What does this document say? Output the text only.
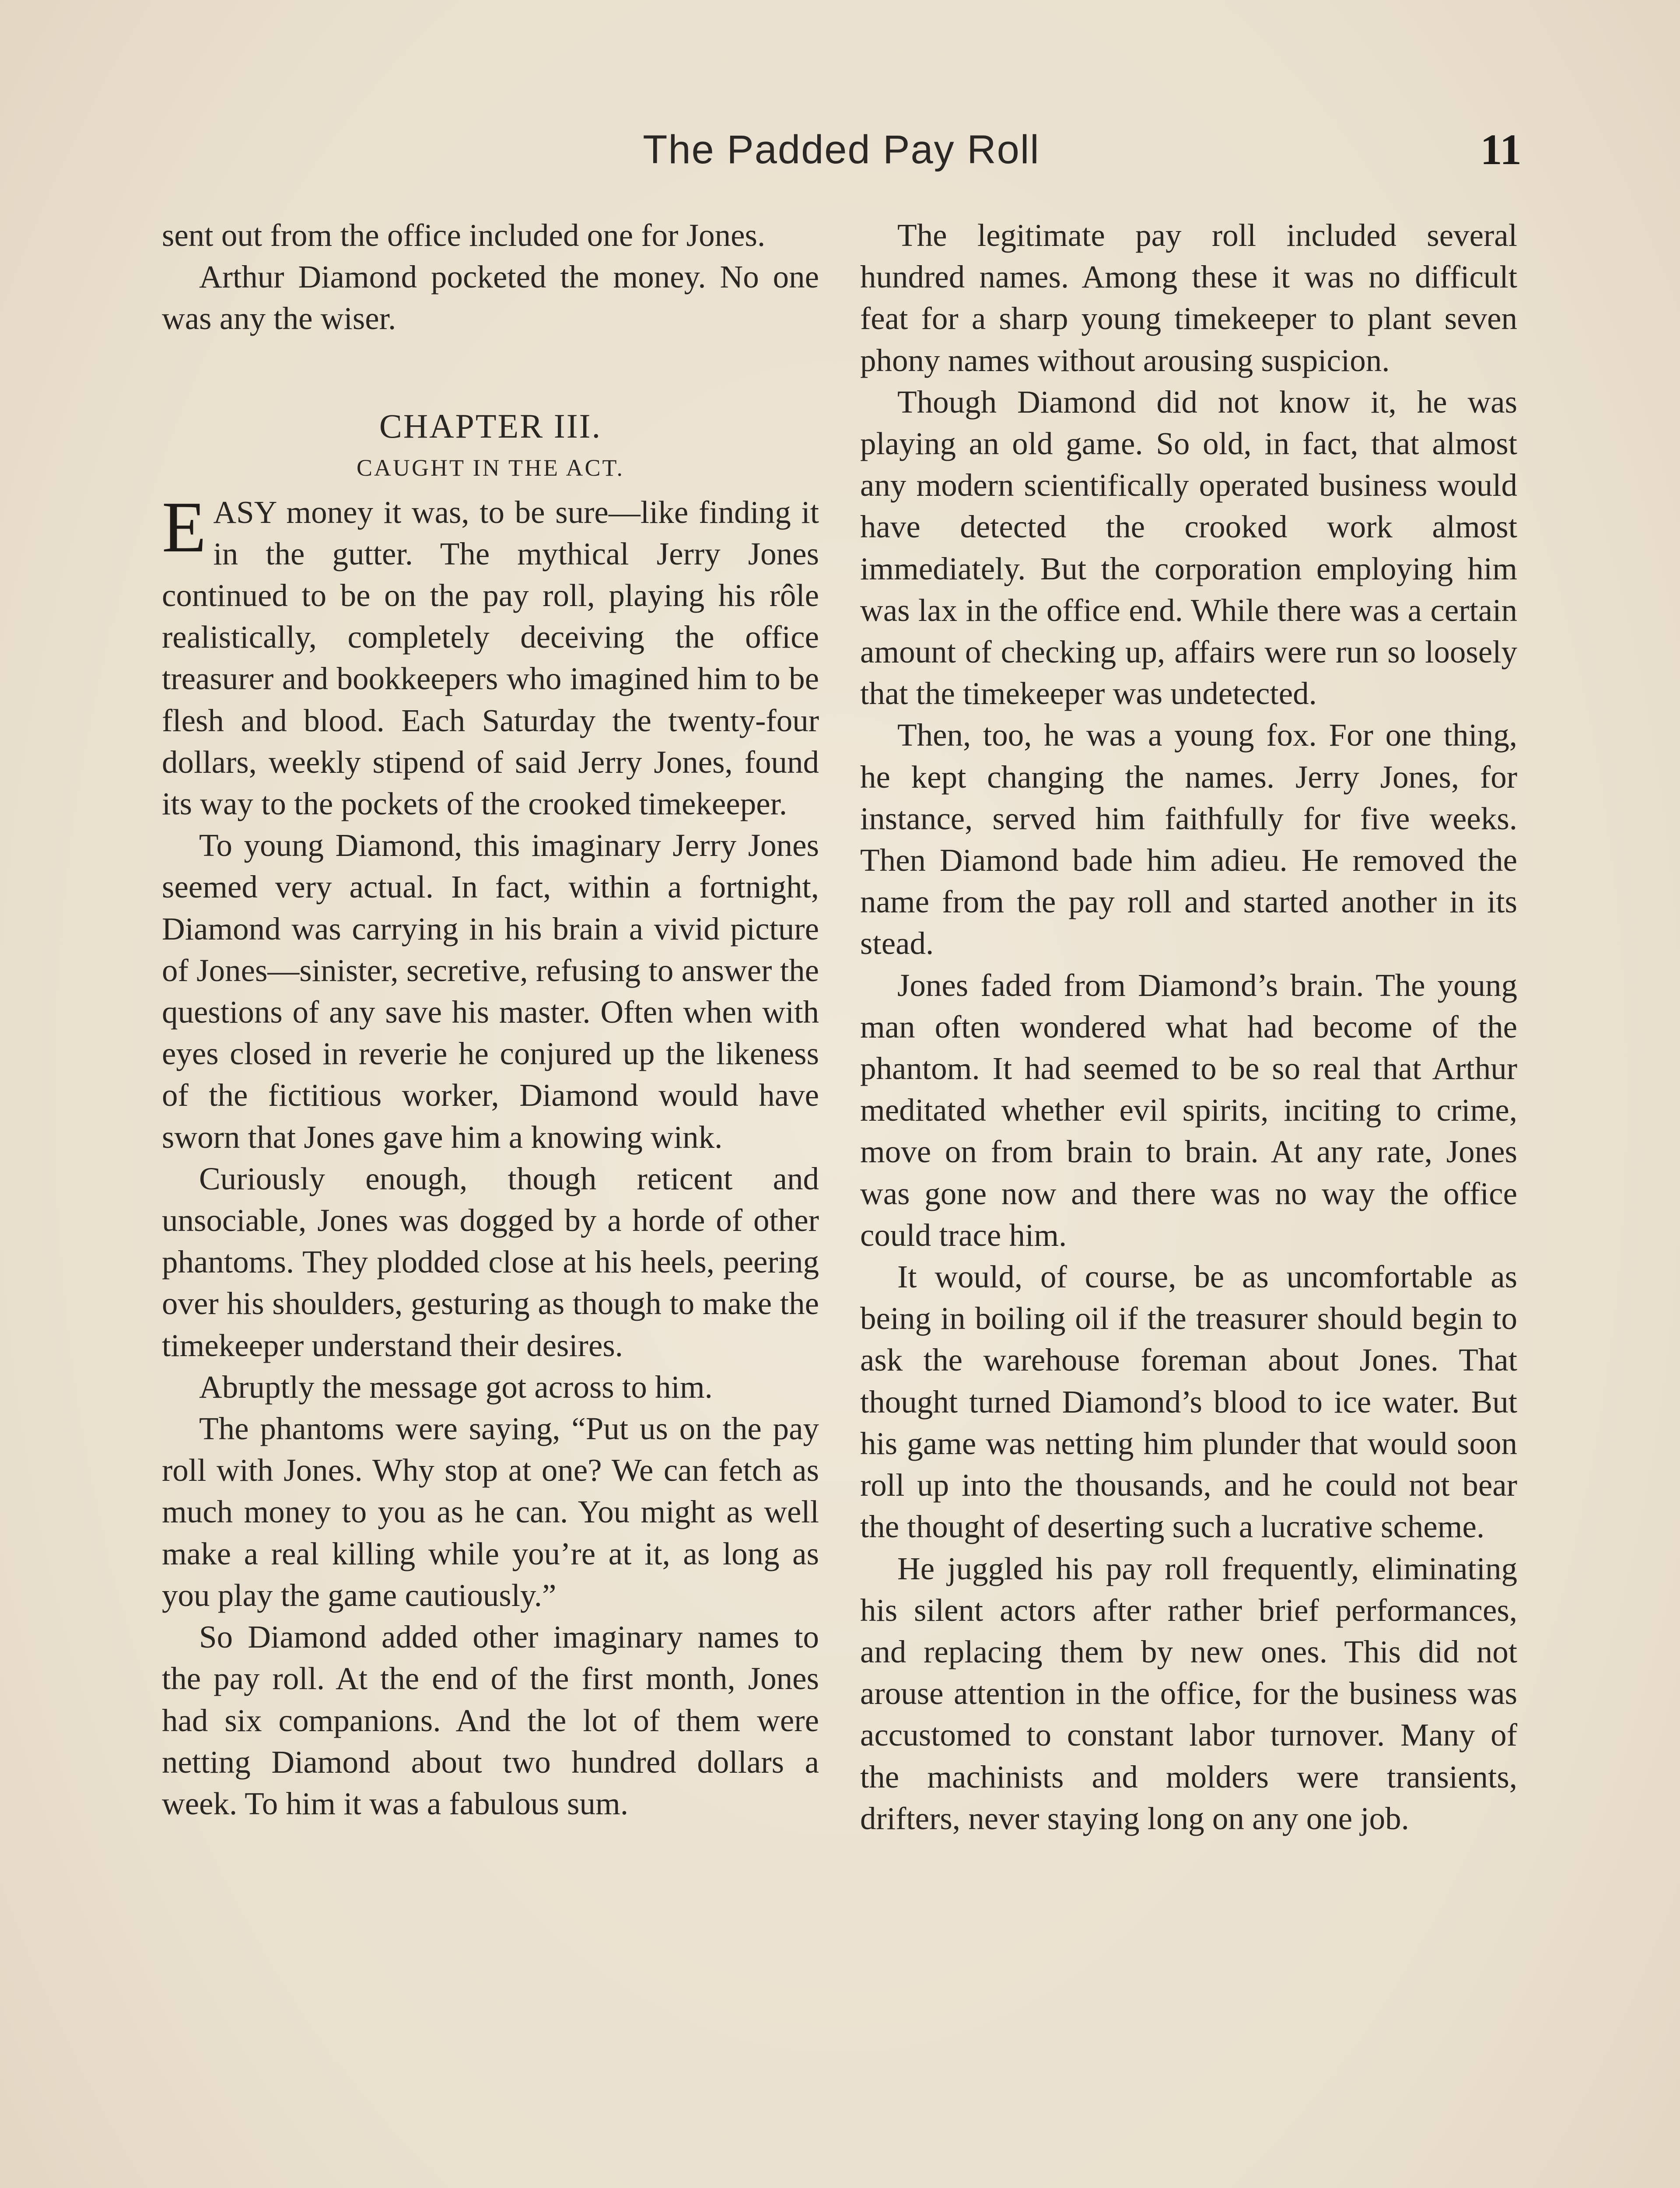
The Padded Pay Roll	11

sent out from the office included one for Jones.

Arthur Diamond pocketed the money. No one was any the wiser.

CHAPTER III.
CAUGHT IN THE ACT.

EASY money it was, to be sure—like finding it in the gutter. The mythical Jerry Jones continued to be on the pay roll, playing his rôle realistically, completely deceiving the office treasurer and bookkeepers who imagined him to be flesh and blood. Each Saturday the twenty-four dollars, weekly stipend of said Jerry Jones, found its way to the pockets of the crooked timekeeper.

To young Diamond, this imaginary Jerry Jones seemed very actual. In fact, within a fortnight, Diamond was carrying in his brain a vivid picture of Jones—sinister, secretive, refusing to answer the questions of any save his master. Often when with eyes closed in reverie he conjured up the likeness of the fictitious worker, Diamond would have sworn that Jones gave him a knowing wink.

Curiously enough, though reticent and unsociable, Jones was dogged by a horde of other phantoms. They plodded close at his heels, peering over his shoulders, gesturing as though to make the timekeeper understand their desires.

Abruptly the message got across to him.

The phantoms were saying, “Put us on the pay roll with Jones. Why stop at one? We can fetch as much money to you as he can. You might as well make a real killing while you’re at it, as long as you play the game cautiously.”

So Diamond added other imaginary names to the pay roll. At the end of the first month, Jones had six companions. And the lot of them were netting Diamond about two hundred dollars a week. To him it was a fabulous sum.

The legitimate pay roll included several hundred names. Among these it was no difficult feat for a sharp young timekeeper to plant seven phony names without arousing suspicion.

Though Diamond did not know it, he was playing an old game. So old, in fact, that almost any modern scientifically operated business would have detected the crooked work almost immediately. But the corporation employing him was lax in the office end. While there was a certain amount of checking up, affairs were run so loosely that the timekeeper was undetected.

Then, too, he was a young fox. For one thing, he kept changing the names. Jerry Jones, for instance, served him faithfully for five weeks. Then Diamond bade him adieu. He removed the name from the pay roll and started another in its stead.

Jones faded from Diamond’s brain. The young man often wondered what had become of the phantom. It had seemed to be so real that Arthur meditated whether evil spirits, inciting to crime, move on from brain to brain. At any rate, Jones was gone now and there was no way the office could trace him.

It would, of course, be as uncomfortable as being in boiling oil if the treasurer should begin to ask the warehouse foreman about Jones. That thought turned Diamond’s blood to ice water. But his game was netting him plunder that would soon roll up into the thousands, and he could not bear the thought of deserting such a lucrative scheme.

He juggled his pay roll frequently, eliminating his silent actors after rather brief performances, and replacing them by new ones. This did not arouse attention in the office, for the business was accustomed to constant labor turnover. Many of the machinists and molders were transients, drifters, never staying long on any one job.
